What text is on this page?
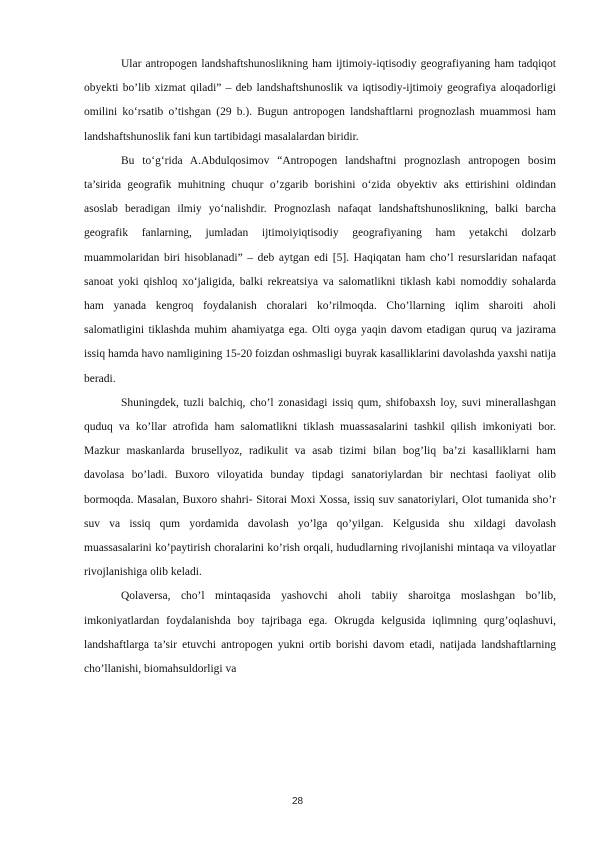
Ular antropogen landshaftshunoslikning ham ijtimoiy-iqtisodiy geografiyaning ham tadqiqot obyekti bo’lib xizmat qiladi” – deb landshaftshunoslik va iqtisodiy-ijtimoiy geografiya aloqadorligi omilini ko‘rsatib o’tishgan (29 b.). Bugun antropogen landshaftlarni prognozlash muammosi ham landshaftshunoslik fani kun tartibidagi masalalardan biridir.

Bu to‘g‘rida A.Abdulqosimov “Antropogen landshaftni prognozlash antropogen bosim ta’sirida geografik muhitning chuqur o’zgarib borishini o‘zida obyektiv aks ettirishini oldindan asoslab beradigan ilmiy yo‘nalishdir. Prognozlash nafaqat landshaftshunoslikning, balki barcha geografik fanlarning, jumladan ijtimoiyiqtisodiy geografiyaning ham yetakchi dolzarb muammolaridan biri hisoblanadi” – deb aytgan edi [5]. Haqiqatan ham cho’l resurslaridan nafaqat sanoat yoki qishloq xo‘jaligida, balki rekreatsiya va salomatlikni tiklash kabi nomoddiy sohalarda ham yanada kengroq foydalanish choralari ko’rilmoqda. Cho’llarning iqlim sharoiti aholi salomatligini tiklashda muhim ahamiyatga ega. Olti oyga yaqin davom etadigan quruq va jazirama issiq hamda havo namligining 15-20 foizdan oshmasligi buyrak kasalliklarini davolashda yaxshi natija beradi.

Shuningdek, tuzli balchiq, cho’l zonasidagi issiq qum, shifobaxsh loy, suvi minerallashgan quduq va ko’llar atrofida ham salomatlikni tiklash muassasalarini tashkil qilish imkoniyati bor. Mazkur maskanlarda brusellyoz, radikulit va asab tizimi bilan bog’liq ba’zi kasalliklarni ham davolasa bo’ladi. Buxoro viloyatida bunday tipdagi sanatoriylardan bir nechtasi faoliyat olib bormoqda. Masalan, Buxoro shahri- Sitorai Moxi Xossa, issiq suv sanatoriylari, Olot tumanida sho’r suv va issiq qum yordamida davolash yo’lga qo’yilgan. Kelgusida shu xildagi davolash muassasalarini ko’paytirish choralarini ko’rish orqali, hududlarning rivojlanishi mintaqa va viloyatlar rivojlanishiga olib keladi.

Qolaversa, cho’l mintaqasida yashovchi aholi tabiiy sharoitga moslashgan bo’lib, imkoniyatlardan foydalanishda boy tajribaga ega. Okrugda kelgusida iqlimning qurg’oqlashuvi, landshaftlarga ta’sir etuvchi antropogen yukni ortib borishi davom etadi, natijada landshaftlarning cho’llanishi, biomahsuldorligi va

28
